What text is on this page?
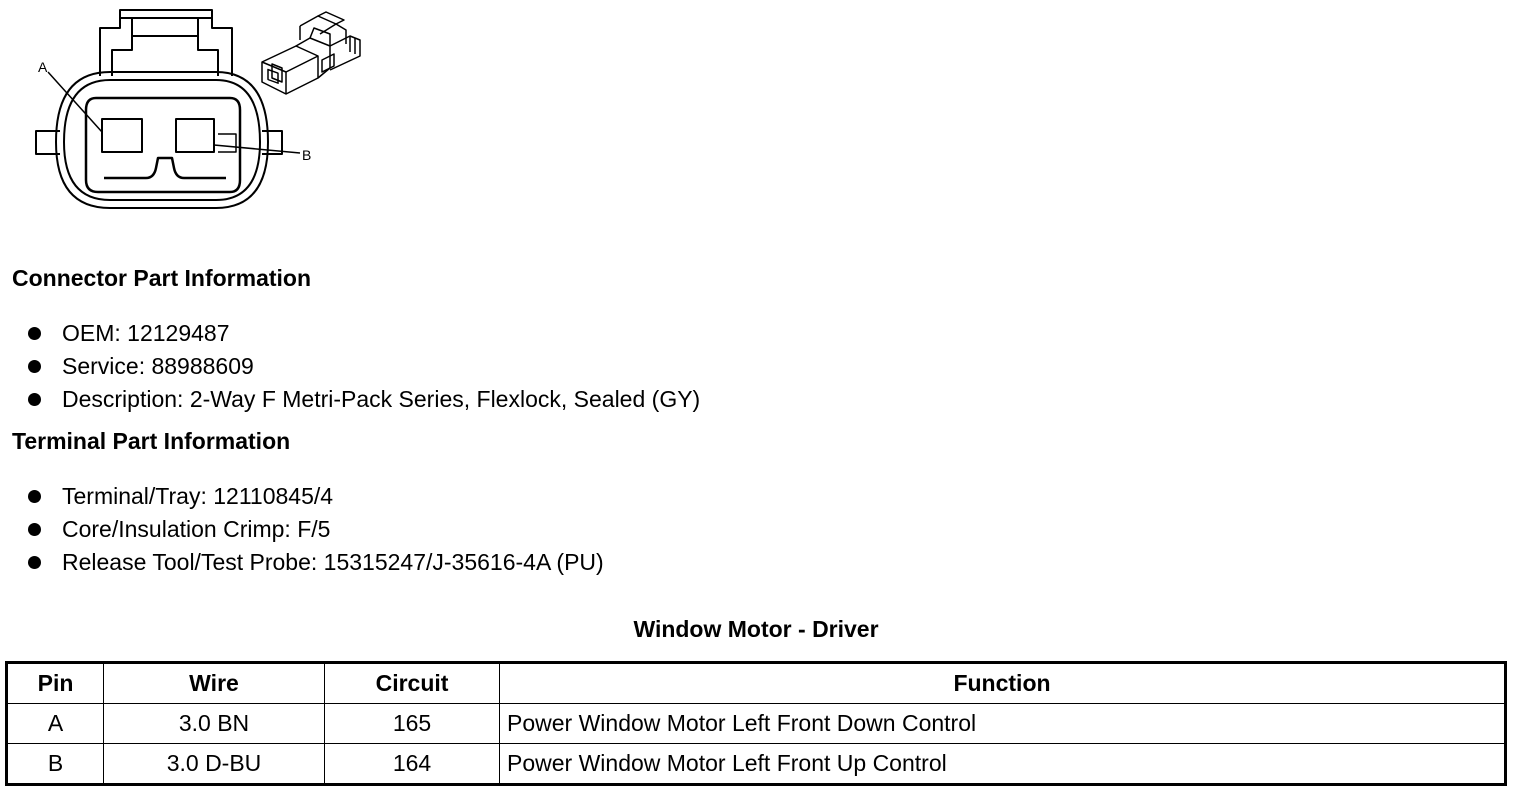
A
B
Connector Part Information
OEM: 12129487
Service: 88988609
Description: 2-Way F Metri-Pack Series, Flexlock, Sealed (GY)
Terminal Part Information
Terminal/Tray: 12110845/4
Core/Insulation Crimp: F/5
Release Tool/Test Probe: 15315247/J-35616-4A (PU)
Window Motor - Driver
Pin	Wire	Circuit	Function
A	3.0 BN	165	Power Window Motor Left Front Down Control
B	3.0 D-BU	164	Power Window Motor Left Front Up Control
